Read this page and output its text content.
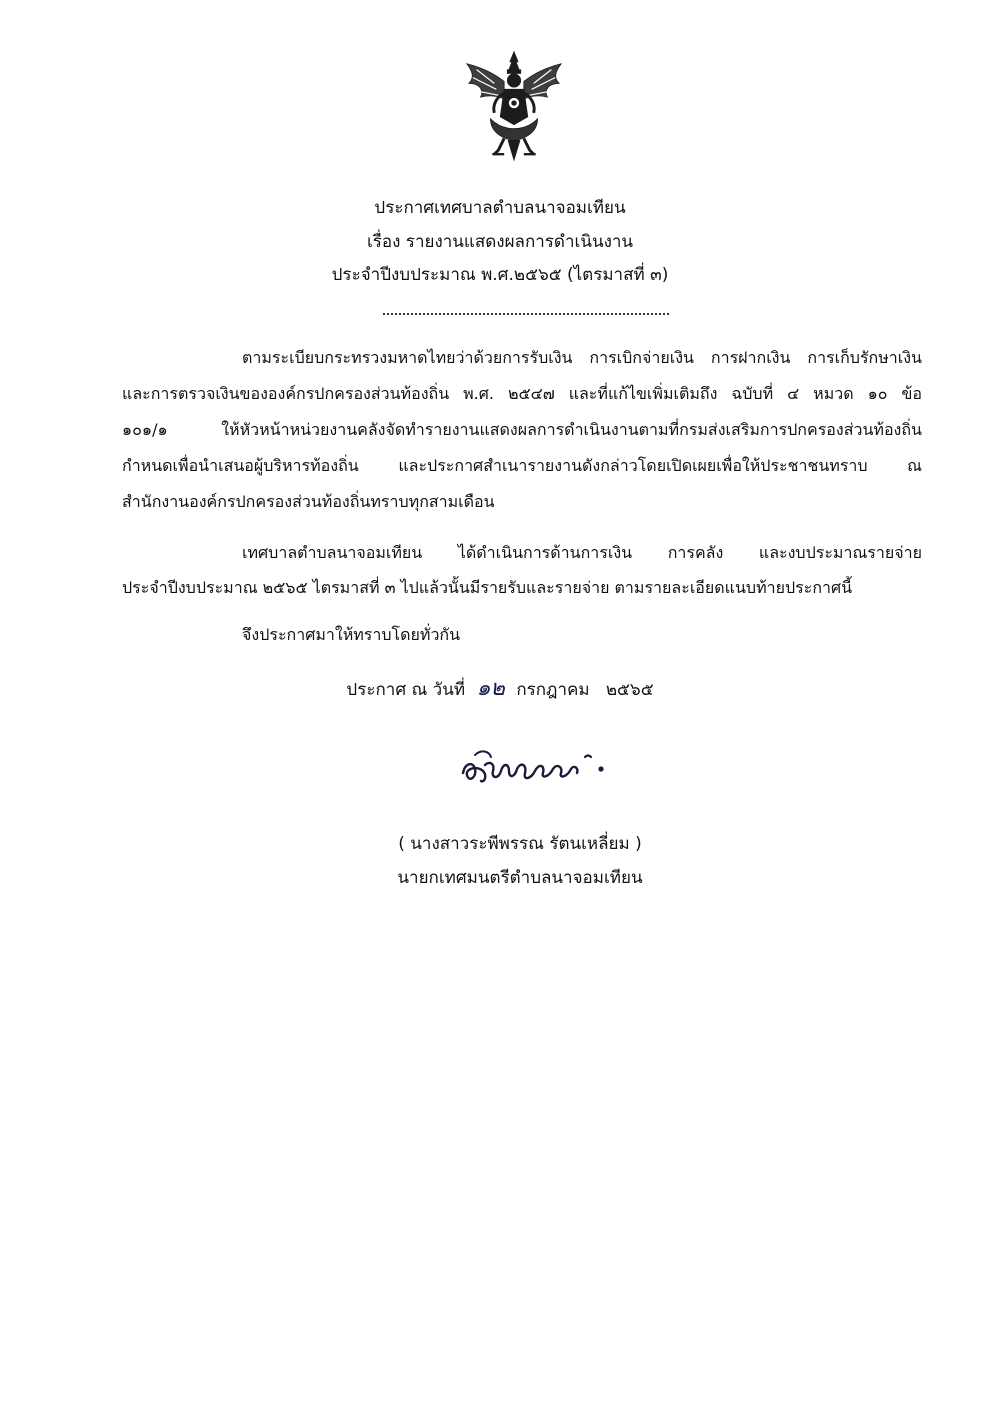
ประกาศเทศบาลตำบลนาจอมเทียน
เรื่อง รายงานแสดงผลการดำเนินงาน
ประจำปีงบประมาณ พ.ศ.๒๕๖๕ (ไตรมาสที่ ๓)
ตามระเบียบกระทรวงมหาดไทยว่าด้วยการรับเงิน การเบิกจ่ายเงิน การฝากเงิน การเก็บรักษาเงิน
และการตรวจเงินขององค์กรปกครองส่วนท้องถิ่น พ.ศ. ๒๕๔๗ และที่แก้ไขเพิ่มเติมถึง ฉบับที่ ๔ หมวด ๑๐ ข้อ
๑๐๑/๑ ให้หัวหน้าหน่วยงานคลังจัดทำรายงานแสดงผลการดำเนินงานตามที่กรมส่งเสริมการปกครองส่วนท้องถิ่น
กำหนดเพื่อนำเสนอผู้บริหารท้องถิ่น และประกาศสำเนารายงานดังกล่าวโดยเปิดเผยเพื่อให้ประชาชนทราบ ณ
สำนักงานองค์กรปกครองส่วนท้องถิ่นทราบทุกสามเดือน
เทศบาลตำบลนาจอมเทียน ได้ดำเนินการด้านการเงิน การคลัง และงบประมาณรายจ่าย
ประจำปีงบประมาณ ๒๕๖๕ ไตรมาสที่ ๓ ไปแล้วนั้นมีรายรับและรายจ่าย ตามรายละเอียดแนบท้ายประกาศนี้
จึงประกาศมาให้ทราบโดยทั่วกัน
ประกาศ ณ วันที่ ๑๒ กรกฎาคม ๒๕๖๕
( นางสาวระพีพรรณ รัตนเหลี่ยม )
นายกเทศมนตรีตำบลนาจอมเทียน
